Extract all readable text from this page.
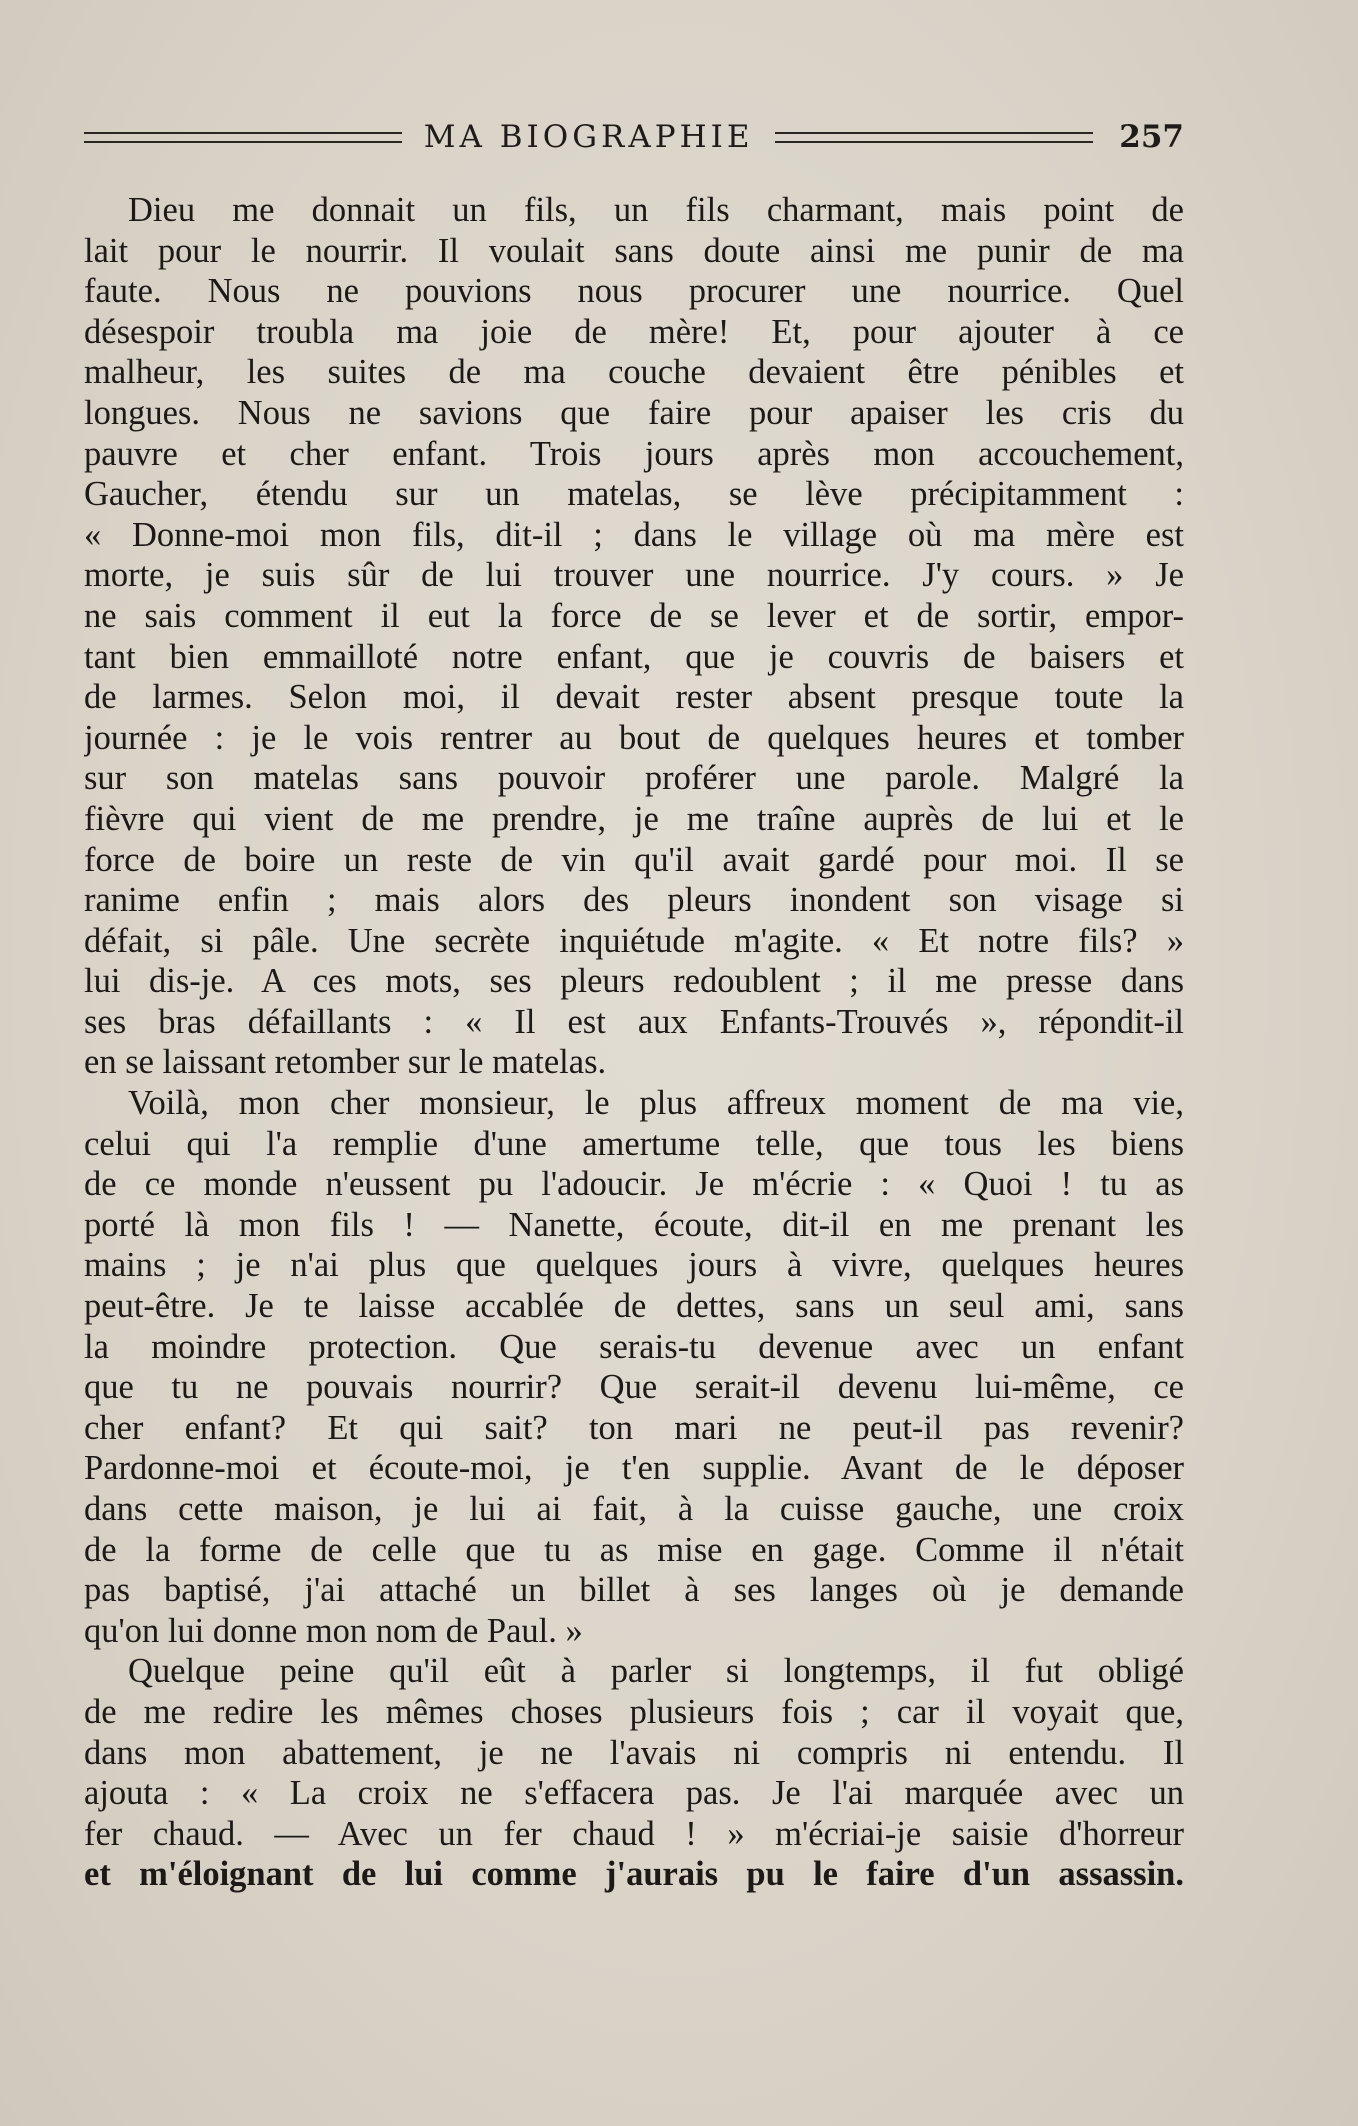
MA BIOGRAPHIE	257
Dieu me donnait un fils, un fils charmant, mais point de
lait pour le nourrir. Il voulait sans doute ainsi me punir de ma
faute. Nous ne pouvions nous procurer une nourrice. Quel
désespoir troubla ma joie de mère! Et, pour ajouter à ce
malheur, les suites de ma couche devaient être pénibles et
longues. Nous ne savions que faire pour apaiser les cris du
pauvre et cher enfant. Trois jours après mon accouchement,
Gaucher, étendu sur un matelas, se lève précipitamment :
« Donne-moi mon fils, dit-il ; dans le village où ma mère est
morte, je suis sûr de lui trouver une nourrice. J'y cours. » Je
ne sais comment il eut la force de se lever et de sortir, empor-
tant bien emmailloté notre enfant, que je couvris de baisers et
de larmes. Selon moi, il devait rester absent presque toute la
journée : je le vois rentrer au bout de quelques heures et tomber
sur son matelas sans pouvoir proférer une parole. Malgré la
fièvre qui vient de me prendre, je me traîne auprès de lui et le
force de boire un reste de vin qu'il avait gardé pour moi. Il se
ranime enfin ; mais alors des pleurs inondent son visage si
défait, si pâle. Une secrète inquiétude m'agite. « Et notre fils? »
lui dis-je. A ces mots, ses pleurs redoublent ; il me presse dans
ses bras défaillants : « Il est aux Enfants-Trouvés », répondit-il
en se laissant retomber sur le matelas.
Voilà, mon cher monsieur, le plus affreux moment de ma vie,
celui qui l'a remplie d'une amertume telle, que tous les biens
de ce monde n'eussent pu l'adoucir. Je m'écrie : « Quoi ! tu as
porté là mon fils ! — Nanette, écoute, dit-il en me prenant les
mains ; je n'ai plus que quelques jours à vivre, quelques heures
peut-être. Je te laisse accablée de dettes, sans un seul ami, sans
la moindre protection. Que serais-tu devenue avec un enfant
que tu ne pouvais nourrir? Que serait-il devenu lui-même, ce
cher enfant? Et qui sait? ton mari ne peut-il pas revenir?
Pardonne-moi et écoute-moi, je t'en supplie. Avant de le déposer
dans cette maison, je lui ai fait, à la cuisse gauche, une croix
de la forme de celle que tu as mise en gage. Comme il n'était
pas baptisé, j'ai attaché un billet à ses langes où je demande
qu'on lui donne mon nom de Paul. »
Quelque peine qu'il eût à parler si longtemps, il fut obligé
de me redire les mêmes choses plusieurs fois ; car il voyait que,
dans mon abattement, je ne l'avais ni compris ni entendu. Il
ajouta : « La croix ne s'effacera pas. Je l'ai marquée avec un
fer chaud. — Avec un fer chaud ! » m'écriai-je saisie d'horreur
et m'éloignant de lui comme j'aurais pu le faire d'un assassin.
